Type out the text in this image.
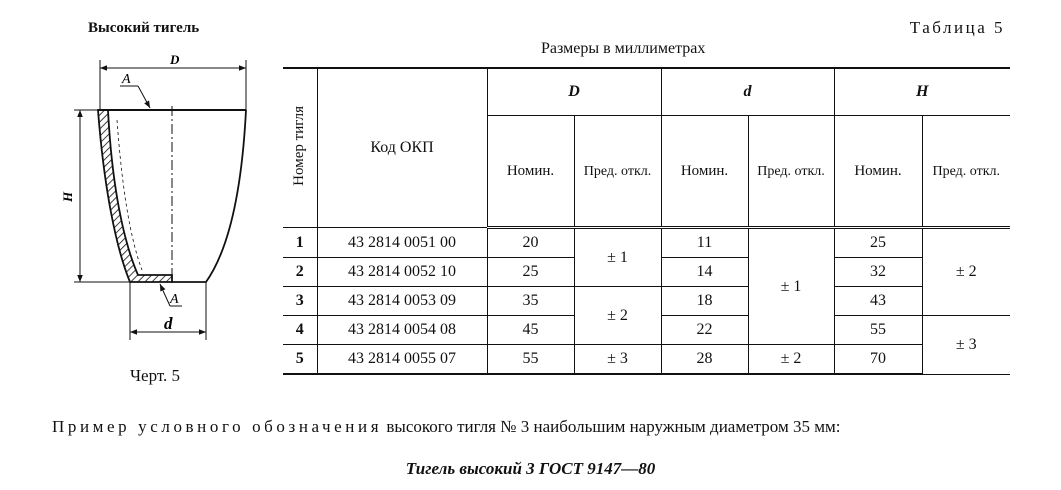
Высокий тигель
D
H
d
A
A
Черт. 5
Таблица 5
Размеры в миллиметрах
Номер тигля	Код ОКП	D		d		H	
		Номин.	Пред. откл.	Номин.	Пред. откл.	Номин.	Пред. откл.
1	43 2814 0051 00	20	± 1	11	± 1	25	± 2
2	43 2814 0052 10	25		14		32	
3	43 2814 0053 09	35	± 2	18		43	
4	43 2814 0054 08	45		22		55	± 3
5	43 2814 0055 07	55	± 3	28	± 2	70	
Пример условного обозначения высокого тигля № 3 наибольшим наружным диаметром 35 мм:
Тигель высокий 3 ГОСТ 9147—80
